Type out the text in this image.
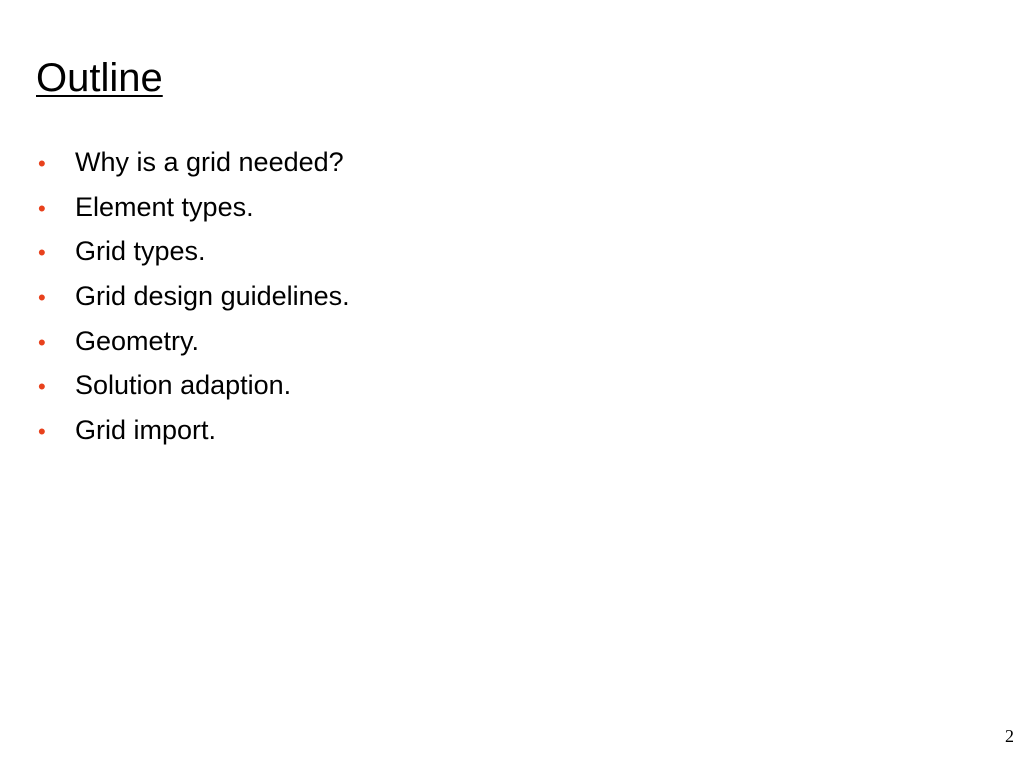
Outline
•	Why is a grid needed?
•	Element types.
•	Grid types.
•	Grid design guidelines.
•	Geometry.
•	Solution adaption.
•	Grid import.
2
